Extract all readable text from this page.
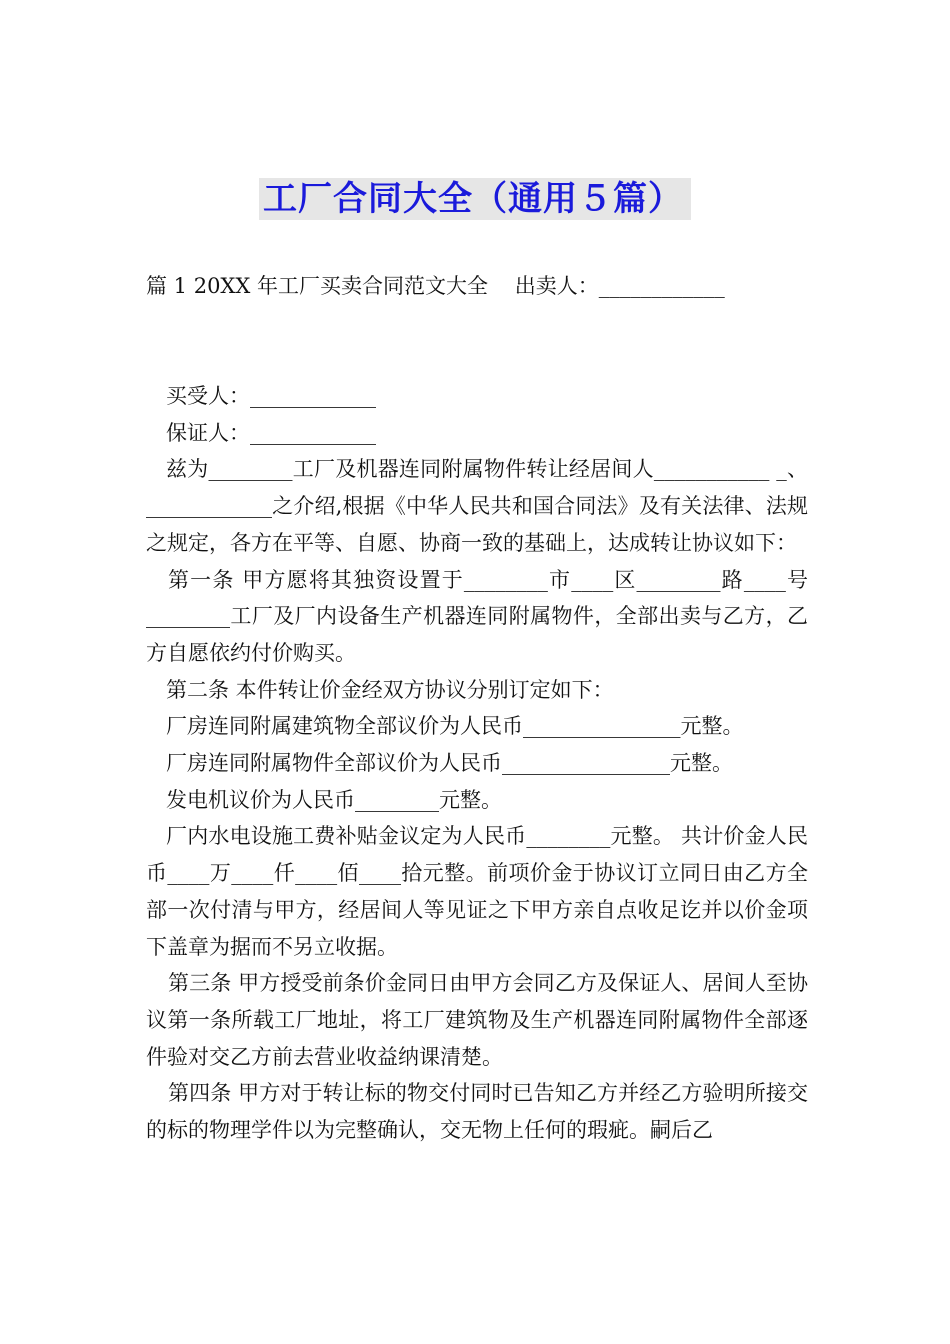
工厂合同大全（通用５篇）
篇 1 20XX 年工厂买卖合同范文大全    出卖人：____________

买受人：____________

保证人：____________

兹为________工厂及机器连同附属物件转让经居间人___________ _、____________之介绍,根据《中华人民共和国合同法》及有关法律、法规之规定，各方在平等、自愿、协商一致的基础上，达成转让协议如下：

第一条 甲方愿将其独资设置于________市____区________路____号________工厂及厂内设备生产机器连同附属物件，全部出卖与乙方，乙方自愿依约付价购买。

第二条 本件转让价金经双方协议分别订定如下：

厂房连同附属建筑物全部议价为人民币_______________元整。

厂房连同附属物件全部议价为人民币________________元整。

发电机议价为人民币________元整。

厂内水电设施工费补贴金议定为人民币________元整。 共计价金人民币____万____仟____佰____拾元整。前项价金于协议订立同日由乙方全部一次付清与甲方，经居间人等见证之下甲方亲自点收足讫并以价金项下盖章为据而不另立收据。

第三条 甲方授受前条价金同日由甲方会同乙方及保证人、居间人至协议第一条所载工厂地址，将工厂建筑物及生产机器连同附属物件全部逐件验对交乙方前去营业收益纳课清楚。

第四条 甲方对于转让标的物交付同时已告知乙方并经乙方验明所接交的标的物理学件以为完整确认，交无物上任何的瑕疵。嗣后乙
